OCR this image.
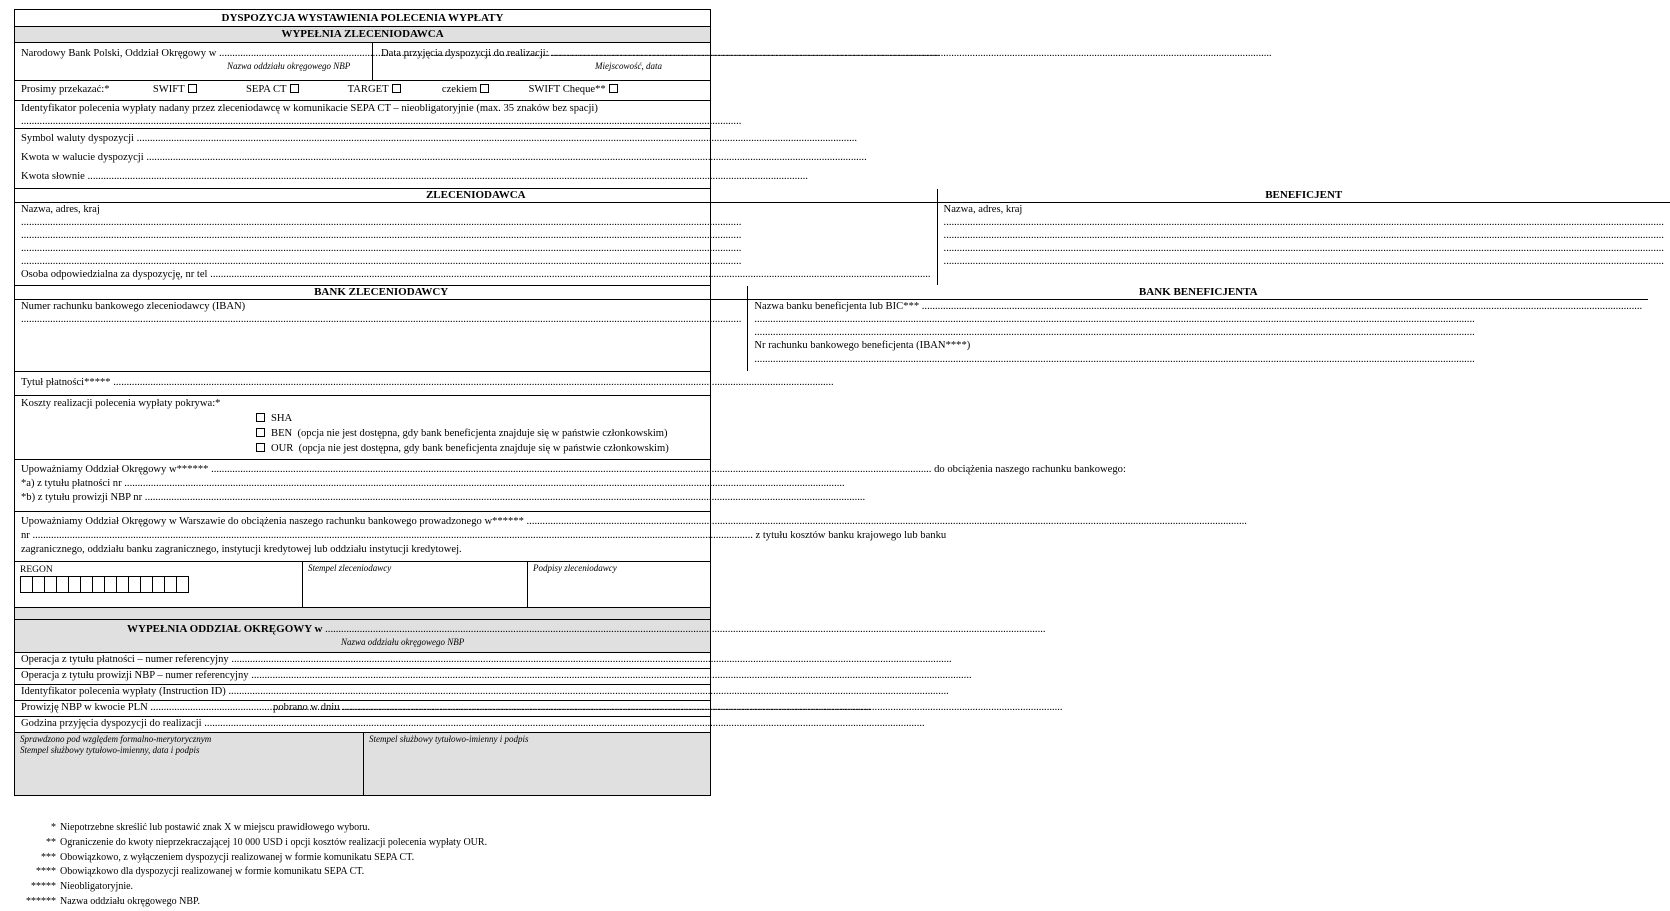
DYSPOZYCJA WYSTAWIENIA POLECENIA WYPŁATY
WYPEŁNIA ZLECENIODAWCA
Narodowy Bank Polski, Oddział Okręgowy w

.....
Nazwa oddziału okręgowego NBP
Data przyjęcia dyspozycji do realizacji:

.....
Miejscowość, data
Prosimy przekazać:*	SWIFT	SEPA CT	TARGET	czekiem	SWIFT Cheque**
Identyfikator polecenia wypłaty nadany przez zleceniodawcę w komunikacie SEPA CT – nieobligatoryjnie (max. 35 znaków bez spacji)
.....
Symbol waluty dyspozycji

.....
Kwota w walucie dyspozycji

.....
Kwota słownie

.....
ZLECENIODAWCA
Nazwa, adres, kraj
.....
.....
.....
.....
Osoba odpowiedzialna za dyspozycję, nr tel

.....
BENEFICJENT
Nazwa, adres, kraj
.....
.....
.....
.....
BANK ZLECENIODAWCY
Numer rachunku bankowego zleceniodawcy (IBAN)
.....
BANK BENEFICJENTA
Nazwa banku beneficjenta lub BIC***

.....
.....
.....
Nr rachunku bankowego beneficjenta (IBAN****)
.....
Tytuł płatności*****

.....
Koszty realizacji polecenia wypłaty pokrywa:*
SHA
BEN (opcja nie jest dostępna, gdy bank beneficjenta znajduje się w państwie członkowskim)
OUR (opcja nie jest dostępna, gdy bank beneficjenta znajduje się w państwie członkowskim)
Upoważniamy Oddział Okręgowy w******
.....
	do obciążenia naszego rachunku bankowego:
*a) z tytułu płatności nr

.....
*b) z tytułu prowizji NBP nr

.....
Upoważniamy Oddział Okręgowy w Warszawie do obciążenia naszego rachunku bankowego prowadzonego w******

.....
nr
.....
	z tytułu kosztów banku krajowego lub banku
zagranicznego, oddziału banku zagranicznego, instytucji kredytowej lub oddziału instytucji kredytowej.
REGON	Stempel zleceniodawcy	Podpisy zleceniodawcy
WYPEŁNIA ODDZIAŁ OKRĘGOWY w

.....
Nazwa oddziału okręgowego NBP
Operacja z tytułu płatności – numer referencyjny

.....
Operacja z tytułu prowizji NBP – numer referencyjny

.....
Identyfikator polecenia wypłaty (Instruction ID)

.....
Prowizję NBP w kwocie PLN
.....
	pobrano w dniu

.....
Godzina przyjęcia dyspozycji do realizacji

.....
Sprawdzono pod względem formalno-merytorycznym
Stempel służbowy tytułowo-imienny, data i podpis
Stempel służbowy tytułowo-imienny i podpis
* Niepotrzebne skreślić lub postawić znak X w miejscu prawidłowego wyboru.
** Ograniczenie do kwoty nieprzekraczającej 10 000 USD i opcji kosztów realizacji polecenia wypłaty OUR.
*** Obowiązkowo, z wyłączeniem dyspozycji realizowanej w formie komunikatu SEPA CT.
**** Obowiązkowo dla dyspozycji realizowanej w formie komunikatu SEPA CT.
***** Nieobligatoryjnie.
****** Nazwa oddziału okręgowego NBP.
